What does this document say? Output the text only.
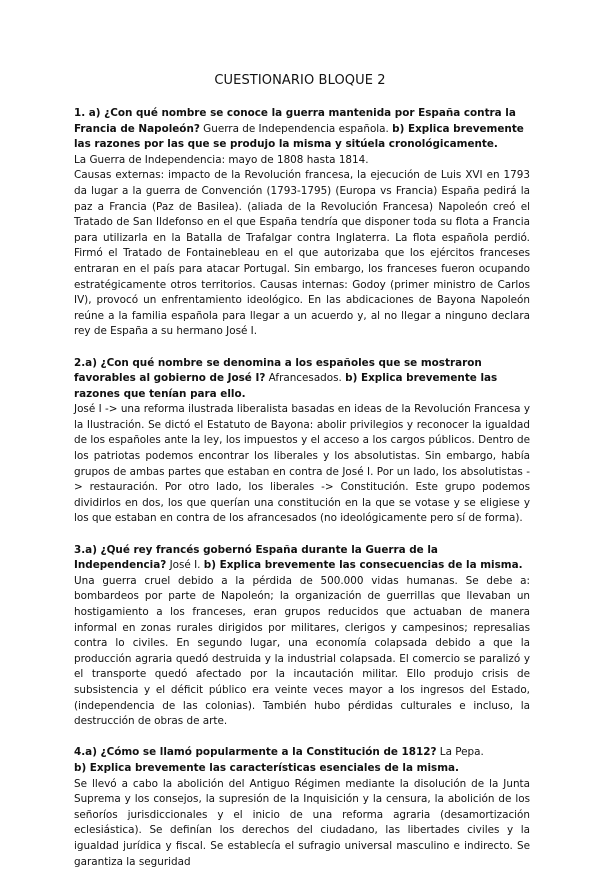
CUESTIONARIO BLOQUE 2

1. a) ¿Con qué nombre se conoce la guerra mantenida por España contra la Francia de Napoleón? Guerra de Independencia española. b) Explica brevemente las razones por las que se produjo la misma y sitúela cronológicamente.

La Guerra de Independencia: mayo de 1808 hasta 1814.

Causas externas: impacto de la Revolución francesa, la ejecución de Luis XVI en 1793 da lugar a la guerra de Convención (1793-1795) (Europa vs Francia) España pedirá la paz a Francia (Paz de Basilea). (aliada de la Revolución Francesa) Napoleón creó el Tratado de San Ildefonso en el que España tendría que disponer toda su flota a Francia para utilizarla en la Batalla de Trafalgar contra Inglaterra. La flota española perdió. Firmó el Tratado de Fontainebleau en el que autorizaba que los ejércitos franceses entraran en el país para atacar Portugal. Sin embargo, los franceses fueron ocupando estratégicamente otros territorios. Causas internas: Godoy (primer ministro de Carlos IV), provocó un enfrentamiento ideológico. En las abdicaciones de Bayona Napoleón reúne a la familia española para llegar a un acuerdo y, al no llegar a ninguno declara rey de España a su hermano José I.

2.a) ¿Con qué nombre se denomina a los españoles que se mostraron favorables al gobierno de José I? Afrancesados. b) Explica brevemente las razones que tenían para ello.

José I -> una reforma ilustrada liberalista basadas en ideas de la Revolución Francesa y la Ilustración. Se dictó el Estatuto de Bayona: abolir privilegios y reconocer la igualdad de los españoles ante la ley, los impuestos y el acceso a los cargos públicos. Dentro de los patriotas podemos encontrar los liberales y los absolutistas. Sin embargo, había grupos de ambas partes que estaban en contra de José I. Por un lado, los absolutistas -> restauración. Por otro lado, los liberales -> Constitución. Este grupo podemos dividirlos en dos, los que querían una constitución en la que se votase y se eligiese y los que estaban en contra de los afrancesados (no ideológicamente pero sí de forma).

3.a) ¿Qué rey francés gobernó España durante la Guerra de la Independencia? José I. b) Explica brevemente las consecuencias de la misma.

Una guerra cruel debido a la pérdida de 500.000 vidas humanas. Se debe a: bombardeos por parte de Napoleón; la organización de guerrillas que llevaban un hostigamiento a los franceses, eran grupos reducidos que actuaban de manera informal en zonas rurales dirigidos por militares, clerigos y campesinos; represalias contra lo civiles. En segundo lugar, una economía colapsada debido a que la producción agraria quedó destruida y la industrial colapsada. El comercio se paralizó y el transporte quedó afectado por la incautación militar. Ello produjo crisis de subsistencia y el déficit público era veinte veces mayor a los ingresos del Estado, (independencia de las colonias). También hubo pérdidas culturales e incluso, la destrucción de obras de arte.

4.a) ¿Cómo se llamó popularmente a la Constitución de 1812? La Pepa.
b) Explica brevemente las características esenciales de la misma.

Se llevó a cabo la abolición del Antiguo Régimen mediante la disolución de la Junta Suprema y los consejos, la supresión de la Inquisición y la censura, la abolición de los señoríos jurisdiccionales y el inicio de una reforma agraria (desamortización eclesiástica). Se definían los derechos del ciudadano, las libertades civiles y la igualdad jurídica y fiscal. Se establecía el sufragio universal masculino e indirecto. Se garantiza la seguridad
